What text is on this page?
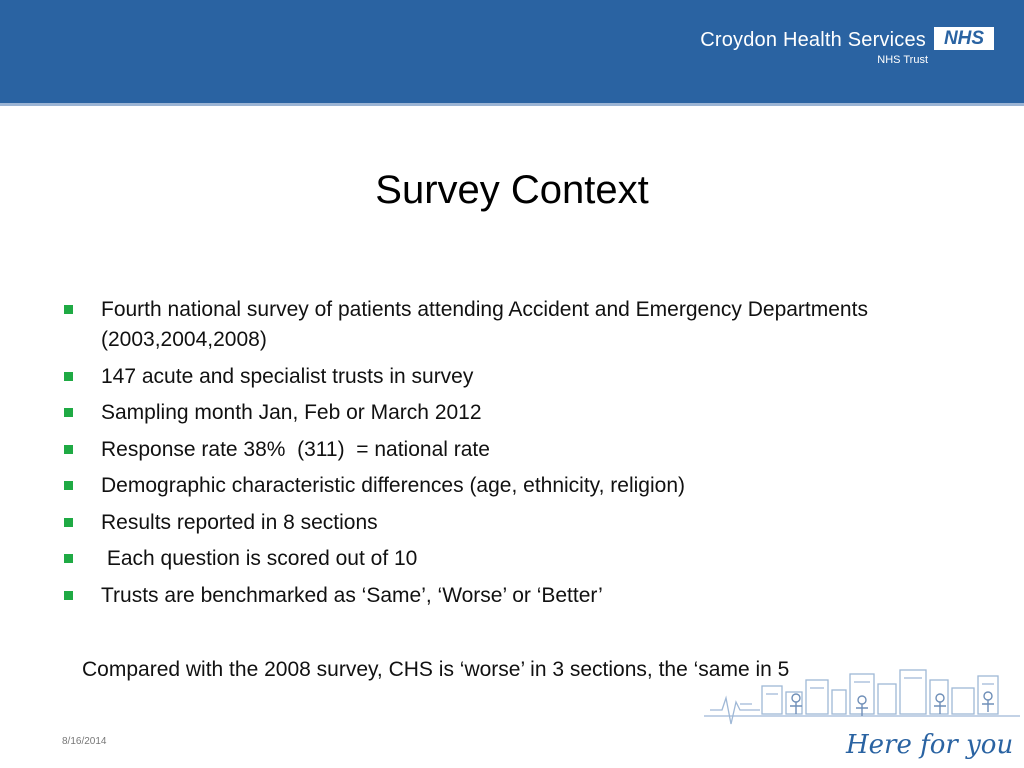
Croydon Health Services
NHS Trust
NHS
Survey Context
Fourth national survey of patients attending Accident and Emergency Departments (2003,2004,2008)
147 acute and specialist trusts in survey
Sampling month Jan, Feb or March 2012
Response rate 38%  (311)  = national rate
Demographic characteristic differences (age, ethnicity, religion)
Results reported in 8 sections
Each question is scored out of 10
Trusts are benchmarked as ‘Same’, ‘Worse’ or ‘Better’
Compared with the 2008 survey, CHS is ‘worse’ in 3 sections, the ‘same in 5
8/16/2014	Here for you
